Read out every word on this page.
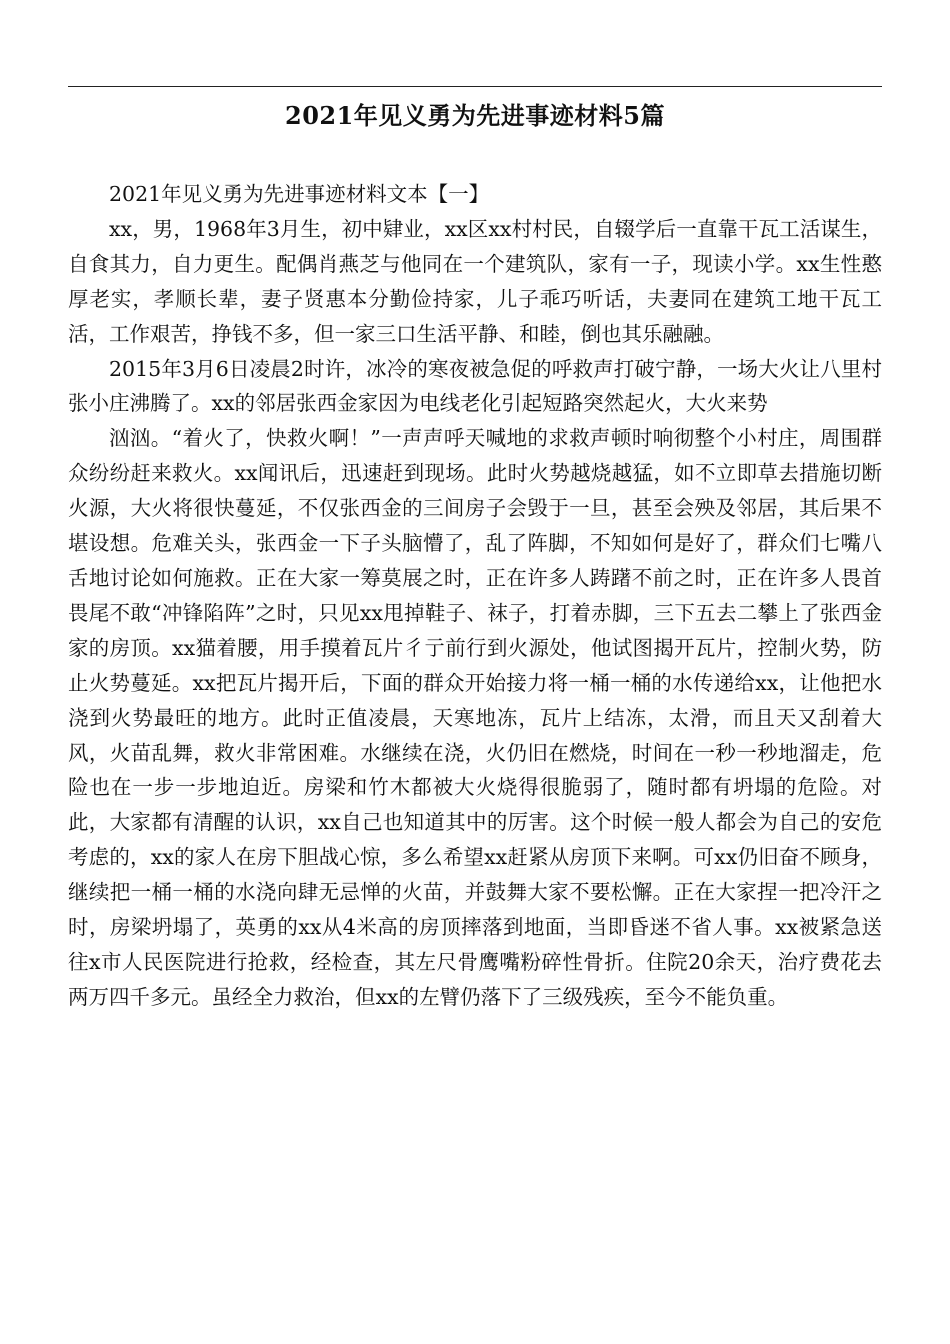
2021年见义勇为先进事迹材料5篇

2021年见义勇为先进事迹材料文本【一】

xx，男，1968年3月生，初中肄业，xx区xx村村民，自辍学后一直靠干瓦工活谋生，自食其力，自力更生。配偶肖燕芝与他同在一个建筑队，家有一子，现读小学。xx生性憨厚老实，孝顺长辈，妻子贤惠本分勤俭持家，儿子乖巧听话，夫妻同在建筑工地干瓦工活，工作艰苦，挣钱不多，但一家三口生活平静、和睦，倒也其乐融融。

2015年3月6日凌晨2时许，冰冷的寒夜被急促的呼救声打破宁静，一场大火让八里村张小庄沸腾了。xx的邻居张西金家因为电线老化引起短路突然起火，大火来势

汹汹。“着火了，快救火啊！”一声声呼天喊地的求救声顿时响彻整个小村庄，周围群众纷纷赶来救火。xx闻讯后，迅速赶到现场。此时火势越烧越猛，如不立即草去措施切断火源，大火将很快蔓延，不仅张西金的三间房子会毁于一旦，甚至会殃及邻居，其后果不堪设想。危难关头，张西金一下子头脑懵了，乱了阵脚，不知如何是好了，群众们七嘴八舌地讨论如何施救。正在大家一筹莫展之时，正在许多人踌躇不前之时，正在许多人畏首畏尾不敢“冲锋陷阵”之时，只见xx甩掉鞋子、袜子，打着赤脚，三下五去二攀上了张西金家的房顶。xx猫着腰，用手摸着瓦片彳亍前行到火源处，他试图揭开瓦片，控制火势，防止火势蔓延。xx把瓦片揭开后，下面的群众开始接力将一桶一桶的水传递给xx，让他把水浇到火势最旺的地方。此时正值凌晨，天寒地冻，瓦片上结冻，太滑，而且天又刮着大风，火苗乱舞，救火非常困难。水继续在浇，火仍旧在燃烧，时间在一秒一秒地溜走，危险也在一步一步地迫近。房梁和竹木都被大火烧得很脆弱了，随时都有坍塌的危险。对此，大家都有清醒的认识，xx自己也知道其中的厉害。这个时候一般人都会为自己的安危考虑的，xx的家人在房下胆战心惊，多么希望xx赶紧从房顶下来啊。可xx仍旧奋不顾身，继续把一桶一桶的水浇向肆无忌惮的火苗，并鼓舞大家不要松懈。正在大家捏一把冷汗之时，房梁坍塌了，英勇的xx从4米高的房顶摔落到地面，当即昏迷不省人事。xx被紧急送往x市人民医院进行抢救，经检查，其左尺骨鹰嘴粉碎性骨折。住院20余天，治疗费花去两万四千多元。虽经全力救治，但xx的左臂仍落下了三级残疾，至今不能负重。
